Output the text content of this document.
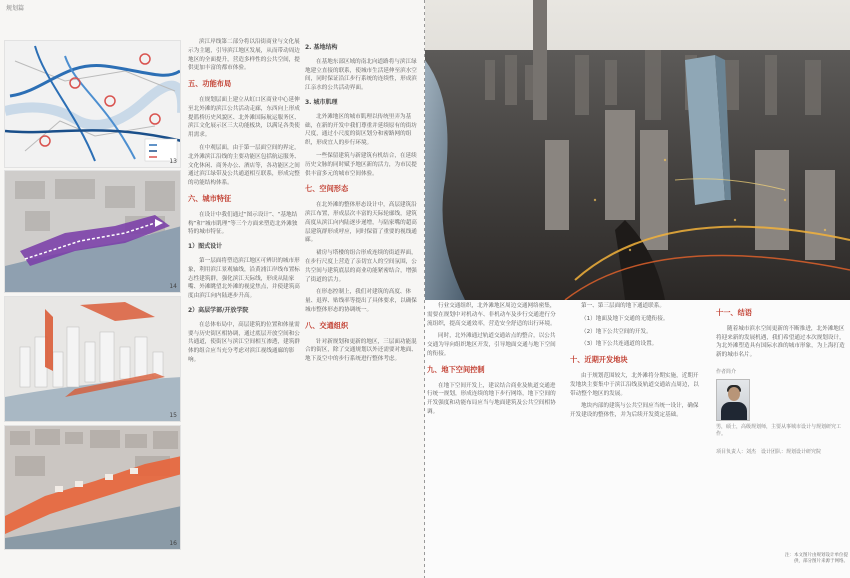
规划篇
13
14
15
16

滨江岸线第二部分将以沿街商业与文化展示为主题，引导滨江地区发展，从而带动周边地区的全面提升，营造多样性的公共空间，提供更加丰富的都市体验。

五、功能布局

在规划层面上建立从虹口区商业中心延伸至北外滩的滨江公共活动走廊，东西向上形成提篮桥历史风貌区、北外滩国际航运服务区、滨江文化展示区三大功能板块，以满足各类使用需求。

在中观层面，由于第一层面空间的界定，北外滩滨江沿线的主要功能区包括航运服务、文化休闲、商务办公、酒店等，各功能区之间通过滨江绿带及公共通道相互联系，形成完整的功能结构体系。

六、城市特征

在设计中我们通过“图示设计”、“基地结构”和“城市肌理”等三个方面来塑造北外滩独特的城市特征。

1）图式设计

第一层面将塑造滨江地区可辨识的城市形象，利用滨江景观轴线，沿黄浦江岸线布置标志性建筑群，强化滨江天际线，形成从陆家嘴、外滩眺望北外滩的视觉焦点，并使建筑高度由滨江向内陆逐步升高。

2）高层学部/开放学院

在总体布局中，高层建筑的位置和体量需要与历史街区相协调，通过底层开放空间和公共通道，使街区与滨江空间相互渗透，建筑群体的组合应当充分考虑对滨江视线通廊的影响。

2. 基地结构

在基地东部区域的南北向道路将与滨江绿地建立直接的联系，使城市生活延伸至滨水空间，同时保证沿江步行系统的连续性，形成滨江亲水的公共活动界面。

3. 城市肌理

北外滩地区的城市肌理以传统里弄为基础，在新的开发中我们尊重并延续原有的街坊尺度，通过小尺度的街区划分和密路网的组织，形成宜人的步行环境。

一些保留建筑与新建筑有机结合，在延续历史文脉的同时赋予地区新的活力，为市民提供丰富多元的城市空间体验。

七、空间形态

在北外滩的整体形态设计中，高层建筑沿滨江布置，形成层次丰富的天际轮廓线，建筑高度从滨江向内陆逐步递增，与陆家嘴的超高层建筑群形成呼应，同时保留了重要的视线通廊。

裙房与塔楼的组合形成连续的街道界面，在步行尺度上营造了亲切宜人的空间氛围，公共空间与建筑底层的商业功能紧密结合，增强了街道的活力。

在形态控制上，我们对建筑的高度、体量、退界、贴线率等提出了具体要求，以确保城市整体形态的协调统一。

八、交通组织

针对新规划和更新的地区，三层面功能混合的街区，除了交通规划以外还需要对地面、地下及空中的步行系统进行整体考虑。

行业交通组织，北外滩地区周边交通网络密集，需要在规划中对机动车、非机动车及步行交通进行分流组织，提高交通效率，营造安全舒适的出行环境。

同时，北外滩通过轨道交通站点的整合，以公共交通为导向组织地区开发，引导地面交通与地下空间的衔接。

九、地下空间控制

在地下空间开发上，建议结合商业及轨道交通进行统一规划，形成连续的地下步行网络，地下空间的开发强度和功能布局应当与地面建筑及公共空间相协调。

第一、第三层面的地下通道联系。

（1）地面及地下交通的无缝衔接。

（2）地下公共空间的开发。

（3）地下公共连通道的设置。

十、近期开发地块

由于规划范围较大，北外滩将分期实施，近期开发地块主要集中于滨江沿线及轨道交通站点周边，以带动整个地区的发展。

地块内部的建筑与公共空间应当统一设计，确保开发建设的整体性，并为后续开发奠定基础。

十一、结语

随着城市滨水空间更新的不断推进，北外滩地区将迎来新的发展机遇，我们希望通过本次规划设计，为北外滩塑造具有国际水准的城市形象，为上海打造新的城市名片。

作者简介
男，硕士，高级规划师，主要从事城市设计与规划研究工作。
项目负责人：刘杰　设计团队：规划设计研究院
注：本文图片由规划设计单位提供，部分图片来源于网络。
